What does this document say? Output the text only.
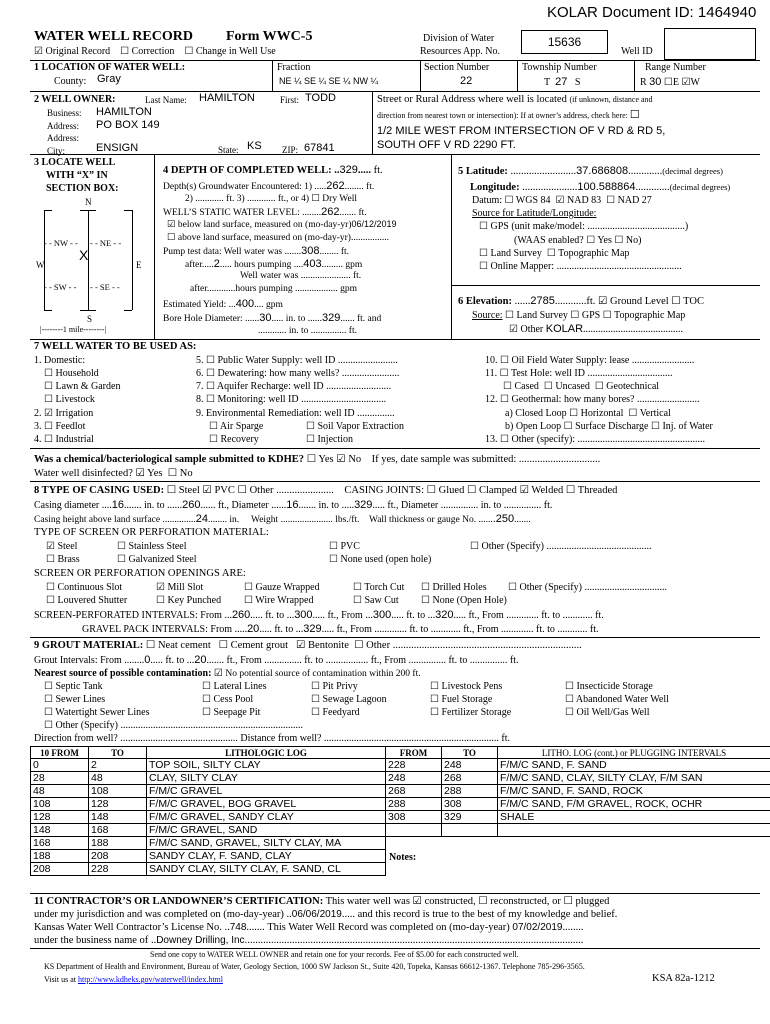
KOLAR Document ID: 1464940
WATER WELL RECORD Form WWC-5	Division of Water
Resources App. No.
15636
Well ID
☑ Original Record ☐ Correction ☐ Change in Well Use
1 LOCATION OF WATER WELL:
County: Gray
Fraction
NE ¼ SE ¼ SE ¼ NW ¼
Section Number
22
Township Number
T 27 S
Range Number
R 30 ☐E ☑W
2 WELL OWNER:	Last Name: HAMILTON	First: TODD
Business: HAMILTON
Address: PO BOX 149
Address:
City:	ENSIGN	State: KS ZIP: 67841
Street or Rural Address where well is located (if unknown, distance and
direction from nearest town or intersection): If at owner’s address, check here: ☐
1/2 MILE WEST FROM INTERSECTION OF V RD & RD 5,
SOUTH OFF V RD 2290 FT.
3 LOCATE WELL
WITH “X” IN
SECTION BOX:
N
W	E
S
- - NW - - - - NE - -
X
- - SW - - - - SE - -
|--------1 mile--------|
4 DEPTH OF COMPLETED WELL: ..329..... ft.
Depth(s) Groundwater Encountered: 1) .....262........ ft.
2) ............ ft. 3) ............ ft., or 4) ☐ Dry Well
WELL’S STATIC WATER LEVEL: ........262....... ft.
☑ below land surface, measured on (mo-day-yr)06/12/2019
☐ above land surface, measured on (mo-day-yr)................
Pump test data: Well water was .......308........ ft.
after.....2..... hours pumping ....403......... gpm
Well water was ..................... ft.
after............hours pumping .................. gpm
Estimated Yield: ...400.... gpm
Bore Hole Diameter: ......30..... in. to ......329...... ft. and
............ in. to ............... ft.
5 Latitude: .........................37.686808.............(decimal degrees)
Longitude: .....................100.588864.............(decimal degrees)
Datum: ☐ WGS 84 ☑ NAD 83 ☐ NAD 27
Source for Latitude/Longitude:
☐ GPS (unit make/model: .......................................)
(WAAS enabled? ☐ Yes ☐ No)
☐ Land Survey ☐ Topographic Map
☐ Online Mapper: ..................................................
6 Elevation: ......2785............ft. ☑ Ground Level ☐ TOC
Source: ☐ Land Survey ☐ GPS ☐ Topographic Map
☑ Other KOLAR........................................
7 WELL WATER TO BE USED AS:
1. Domestic:
☐ Household
☐ Lawn & Garden
☐ Livestock
2. ☑ Irrigation
3. ☐ Feedlot
4. ☐ Industrial
5. ☐ Public Water Supply: well ID ........................
6. ☐ Dewatering: how many wells? .......................
7. ☐ Aquifer Recharge: well ID ..........................
8. ☐ Monitoring: well ID ..................................
9. Environmental Remediation: well ID ...............
☐ Air Sparge	☐ Soil Vapor Extraction
☐ Recovery	☐ Injection
10. ☐ Oil Field Water Supply: lease .........................
11. ☐ Test Hole: well ID ..................................
☐ Cased ☐ Uncased ☐ Geotechnical
12. ☐ Geothermal: how many bores? .........................
a) Closed Loop ☐ Horizontal ☐ Vertical
b) Open Loop ☐ Surface Discharge ☐ Inj. of Water
13. ☐ Other (specify): ...................................................
Was a chemical/bacteriological sample submitted to KDHE? ☐ Yes ☑ No If yes, date sample was submitted: ...............................
Water well disinfected? ☑ Yes ☐ No
8 TYPE OF CASING USED: ☐ Steel ☑ PVC ☐ Other ...................... CASING JOINTS: ☐ Glued ☐ Clamped ☑ Welded ☐ Threaded
Casing diameter ....16....... in. to ......260...... ft., Diameter ......16....... in. to .....329..... ft., Diameter ............... in. to ............... ft.
Casing height above land surface ..............24........ in. Weight ...................... lbs./ft. Wall thickness or gauge No. .......250.......
TYPE OF SCREEN OR PERFORATION MATERIAL:
☑ Steel	☐ Stainless Steel	☐ PVC	☐ Other (Specify) ..........................................
☐ Brass	☐ Galvanized Steel	☐ None used (open hole)
SCREEN OR PERFORATION OPENINGS ARE:
☐ Continuous Slot	☑ Mill Slot	☐ Gauze Wrapped	☐ Torch Cut ☐ Drilled Holes ☐ Other (Specify) .................................
☐ Louvered Shutter	☐ Key Punched ☐ Wire Wrapped	☐ Saw Cut ☐ None (Open Hole)
SCREEN-PERFORATED INTERVALS: From ...260..... ft. to ...300..... ft., From ...300..... ft. to ...320..... ft., From ............. ft. to ............ ft.
GRAVEL PACK INTERVALS: From .....20..... ft. to ...329..... ft., From ............. ft. to ............ ft., From ............. ft. to ............ ft.
9 GROUT MATERIAL: ☐ Neat cement ☐ Cement grout ☑ Bentonite ☐ Other ........................................................................
Grout Intervals: From ........0..... ft. to ...20....... ft., From ............... ft. to ................. ft., From ............... ft. to ............... ft.
Nearest source of possible contamination: ☑ No potential source of contamination within 200 ft.
☐ Septic Tank	☐ Lateral Lines	☐ Pit Privy	☐ Livestock Pens	☐ Insecticide Storage
☐ Sewer Lines	☐ Cess Pool	☐ Sewage Lagoon	☐ Fuel Storage	☐ Abandoned Water Well
☐ Watertight Sewer Lines	☐ Seepage Pit	☐ Feedyard	☐ Fertilizer Storage	☐ Oil Well/Gas Well
☐ Other (Specify) .........................................................................
Direction from well? ............................................... Distance from well? ...................................................................... ft.
10 FROM	TO	LITHOLOGIC LOG
0	2	TOP SOIL, SILTY CLAY
28	48	CLAY, SILTY CLAY
48	108	F/M/C GRAVEL
108	128	F/M/C GRAVEL, BOG GRAVEL
128	148	F/M/C GRAVEL, SANDY CLAY
148	168	F/M/C GRAVEL, SAND
168	188	F/M/C SAND, GRAVEL, SILTY CLAY, MA
188	208	SANDY CLAY, F. SAND, CLAY
208	228	SANDY CLAY, SILTY CLAY, F. SAND, CL
FROM	TO	LITHO. LOG (cont.) or PLUGGING INTERVALS
228	248	F/M/C SAND, F. SAND
248	268	F/M/C SAND, CLAY, SILTY CLAY, F/M SAN
268	288	F/M/C SAND, F. SAND, ROCK
288	308	F/M/C SAND, F/M GRAVEL, ROCK, OCHR
308	329	SHALE

Notes:
11 CONTRACTOR’S OR LANDOWNER’S CERTIFICATION: This water well was ☑ constructed, ☐ reconstructed, or ☐ plugged
under my jurisdiction and was completed on (mo-day-year) ..06/06/2019..... and this record is true to the best of my knowledge and belief.
Kansas Water Well Contractor’s License No. ..748....... This Water Well Record was completed on (mo-day-year) 07/02/2019........
under the business name of ..Downey Drilling, Inc.................................................................................................................................
Send one copy to WATER WELL OWNER and retain one for your records. Fee of $5.00 for each constructed well.
KS Department of Health and Environment, Bureau of Water, Geology Section, 1000 SW Jackson St., Suite 420, Topeka, Kansas 66612-1367. Telephone 785-296-3565.
Visit us at http://www.kdheks.gov/waterwell/index.html	KSA 82a-1212
